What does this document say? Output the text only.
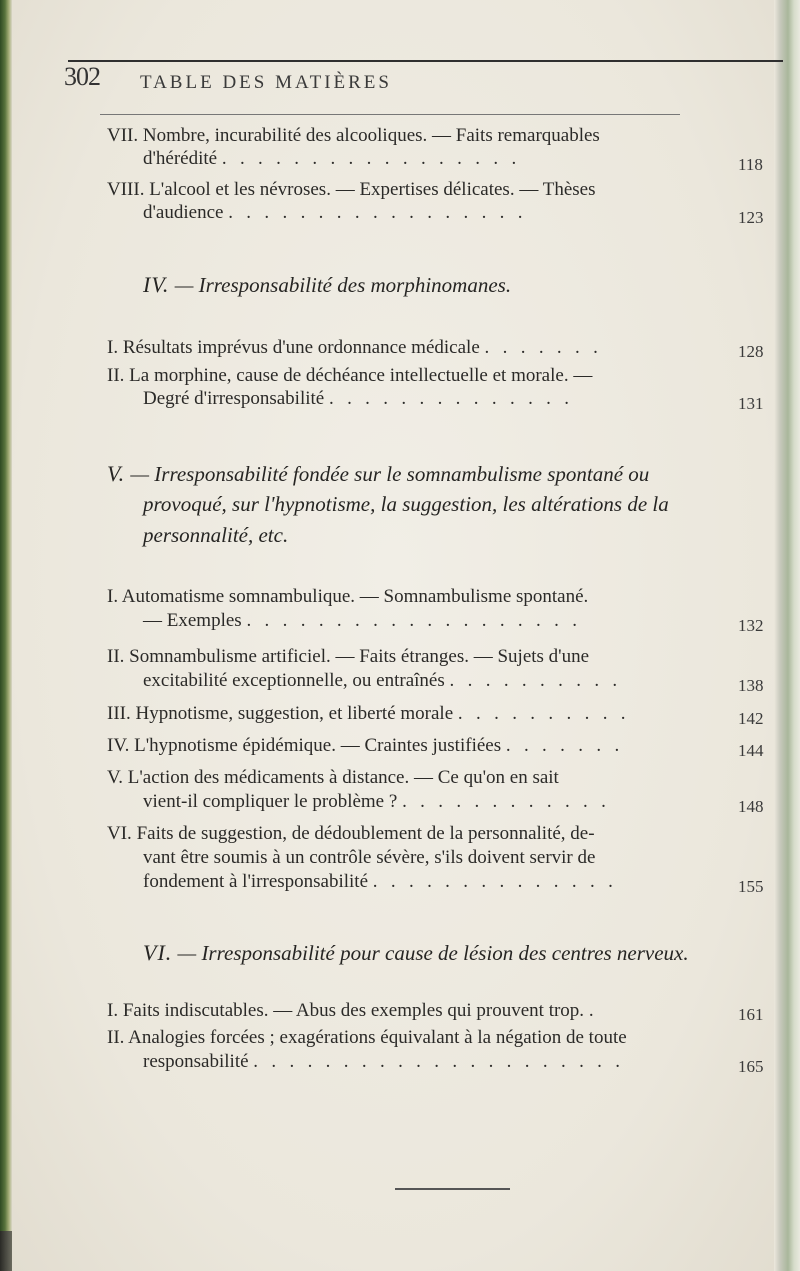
302 TABLE DES MATIÈRES
VII. Nombre, incurabilité des alcooliques. — Faits remarquables
d'hérédité . . . . . . . . . . . . . . . . .	118
VIII. L'alcool et les névroses. — Expertises délicates. — Thèses
d'audience . . . . . . . . . . . . . . . . .	123
IV. — Irresponsabilité des morphinomanes.
I. Résultats imprévus d'une ordonnance médicale . . . . . . .	128
II. La morphine, cause de déchéance intellectuelle et morale. —
Degré d'irresponsabilité . . . . . . . . . . . . . .	131
V. — Irresponsabilité fondée sur le somnambulisme spontané ou
provoqué, sur l'hypnotisme, la suggestion, les altérations de la
personnalité, etc.
I. Automatisme somnambulique. — Somnambulisme spontané.
— Exemples . . . . . . . . . . . . . . . . . . .	132
II. Somnambulisme artificiel. — Faits étranges. — Sujets d'une
excitabilité exceptionnelle, ou entraînés . . . . . . . . . .	138
III. Hypnotisme, suggestion, et liberté morale . . . . . . . . . .	142
IV. L'hypnotisme épidémique. — Craintes justifiées . . . . . . .	144
V. L'action des médicaments à distance. — Ce qu'on en sait
vient-il compliquer le problème ? . . . . . . . . . . . .	148
VI. Faits de suggestion, de dédoublement de la personnalité, de-
vant être soumis à un contrôle sévère, s'ils doivent servir de
fondement à l'irresponsabilité . . . . . . . . . . . . . .	155
VI. — Irresponsabilité pour cause de lésion des centres nerveux.
I. Faits indiscutables. — Abus des exemples qui prouvent trop. .	161
II. Analogies forcées ; exagérations équivalant à la négation de toute
responsabilité . . . . . . . . . . . . . . . . . . . . .	165
